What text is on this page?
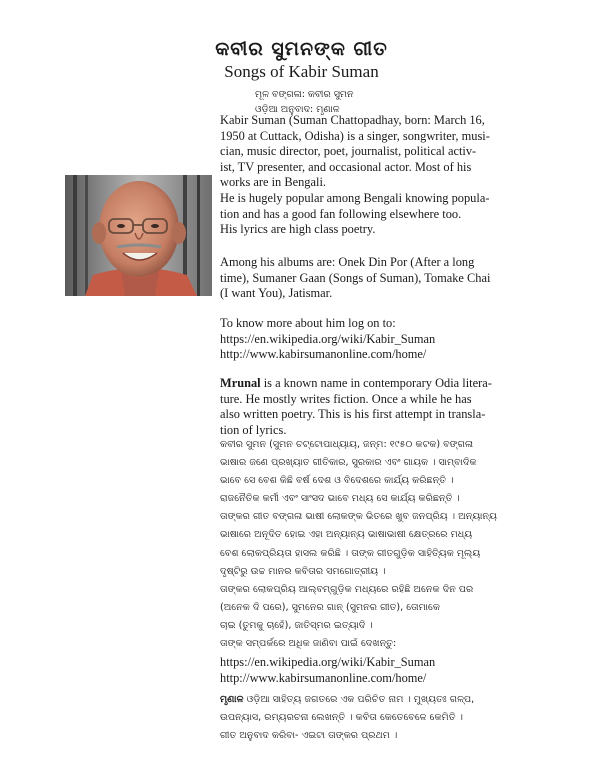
କବୀର ସୁମନଙ୍କ ଗୀତ
Songs of Kabir Suman
ମୂଳ ବଙ୍ଗଳା: କବୀର ସୁମନ
ଓଡ଼ିଆ ଅନୁବାଦ: ମୃଣାଳ
Kabir Suman (Suman Chattopadhay, born: March 16,
1950 at Cuttack, Odisha) is a singer, songwriter, musi-
cian, music director, poet, journalist, political activ-
ist, TV presenter, and occasional actor. Most of his
works are in Bengali.
He is hugely popular among Bengali knowing popula-
tion and has a good fan following elsewhere too.
His lyrics are high class poetry.
Among his albums are: Onek Din Por (After a long
time), Sumaner Gaan (Songs of Suman), Tomake Chai
(I want You), Jatismar.
To know more about him log on to:
https://en.wikipedia.org/wiki/Kabir_Suman
http://www.kabirsumanonline.com/home/
Mrunal is a known name in contemporary Odia litera-
ture. He mostly writes fiction. Once a while he has
also written poetry. This is his first attempt in transla-
tion of lyrics.
କବୀର ସୁମନ (ସୁମନ ଚଟ୍ଟୋପାଧ୍ୟାୟ, ଜନ୍ମ: ୧୯୫୦ କଟକ) ବଙ୍ଗଳା
ଭାଷାର ଜଣେ ପ୍ରଖ୍ୟାତ ଗୀତିକାର, ସୁରକାର ଏବଂ ଗାୟକ । ସାମ୍ବାଦିକ
ଭାବେ ସେ ବେଶ କିଛି ବର୍ଷ ଦେଶ ଓ ବିଦେଶରେ କାର୍ଯ୍ୟ କରିଛନ୍ତି ।
ରାଜନୈତିକ କର୍ମୀ ଏବଂ ସାଂସଦ ଭାବେ ମଧ୍ୟ ସେ କାର୍ଯ୍ୟ କରିଛନ୍ତି ।
ତାଙ୍କର ଗୀତ ବଙ୍ଗଳା ଭାଷୀ ଲୋକଙ୍କ ଭିତରେ ଖୁବ ଜନପ୍ରିୟ । ଅନ୍ୟାନ୍ୟ
ଭାଷାରେ ଅନୂଦିତ ହୋଇ ଏହା ଅନ୍ୟାନ୍ୟ ଭାଷାଭାଷୀ କ୍ଷେତ୍ରରେ ମଧ୍ୟ
ବେଶ ଲୋକପ୍ରିୟତା ହାସଲ କରିଛି । ତାଙ୍କ ଗୀତଗୁଡ଼ିକ ସାହିତ୍ୟିକ ମୂଲ୍ୟ
ଦୃଷ୍ଟିରୁ ଉଚ୍ଚ ମାନର କବିତାର ସମଗୋତ୍ରୀୟ ।
ତାଙ୍କର ଲୋକପ୍ରିୟ ଆଲ୍‌ବମ୍‌ଗୁଡ଼ିକ ମଧ୍ୟରେ ରହିଛି ଅନେକ ଦିନ ପର
(ଅନେକ ଦି ପରେ), ସୁମନେର ଗାନ୍ (ସୁମନର ଗୀତ), ତୋମାକେ
ଚାଇ (ତୁମକୁ ଚାହେଁ), ଜାତିସ୍ମର ଇତ୍ୟାଦି ।
ତାଙ୍କ ସମ୍ପର୍କରେ ଅଧିକ ଜାଣିବା ପାଇଁ ଦେଖନ୍ତୁ:
https://en.wikipedia.org/wiki/Kabir_Suman
http://www.kabirsumanonline.com/home/
ମୃଣାଳ ଓଡ଼ିଆ ସାହିତ୍ୟ ଜଗତରେ ଏକ ପରିଚିତ ନାମ । ମୁଖ୍ୟତଃ ଗଳ୍ପ,
ଉପନ୍ୟାସ, ରମ୍ୟରଚନା ଲେଖନ୍ତି । କବିତା କେତେବେଳେ କେମିତି ।
ଗୀତ ଅନୁବାଦ କରିବା- ଏଇଟା ତାଙ୍କର ପ୍ରଥମ ।
